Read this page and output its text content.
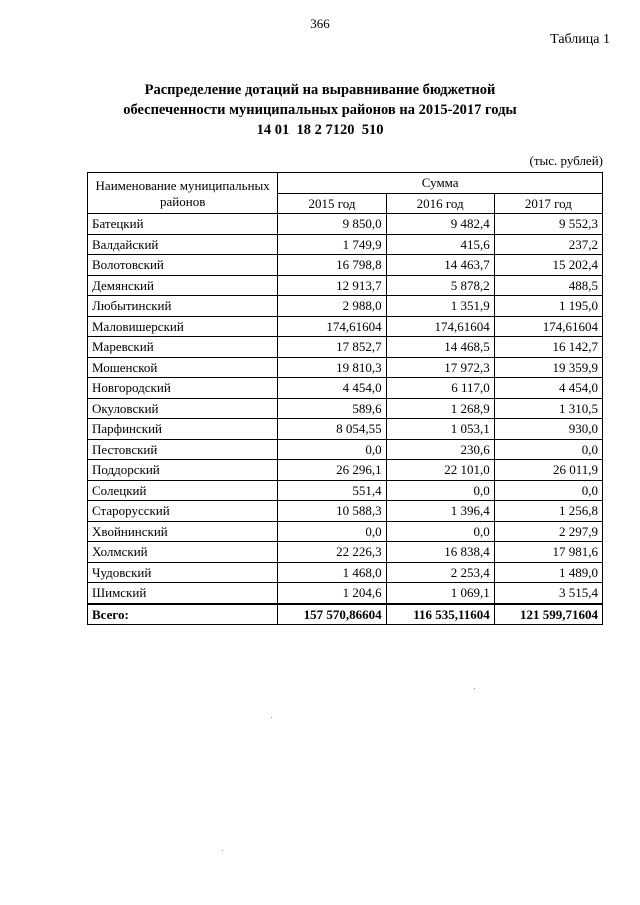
366
Таблица 1
Распределение дотаций на выравнивание бюджетной
обеспеченности муниципальных районов на 2015-2017 годы
14 01  18 2 7120  510
(тыс. рублей)
Наименование муниципальных районов	Сумма		
	2015 год	2016 год	2017 год
Батецкий	9 850,0	9 482,4	9 552,3
Валдайский	1 749,9	415,6	237,2
Волотовский	16 798,8	14 463,7	15 202,4
Демянский	12 913,7	5 878,2	488,5
Любытинский	2 988,0	1 351,9	1 195,0
Маловишерский	174,61604	174,61604	174,61604
Маревский	17 852,7	14 468,5	16 142,7
Мошенской	19 810,3	17 972,3	19 359,9
Новгородский	4 454,0	6 117,0	4 454,0
Окуловский	589,6	1 268,9	1 310,5
Парфинский	8 054,55	1 053,1	930,0
Пестовский	0,0	230,6	0,0
Поддорский	26 296,1	22 101,0	26 011,9
Солецкий	551,4	0,0	0,0
Старорусский	10 588,3	1 396,4	1 256,8
Хвойнинский	0,0	0,0	2 297,9
Холмский	22 226,3	16 838,4	17 981,6
Чудовский	1 468,0	2 253,4	1 489,0
Шимский	1 204,6	1 069,1	3 515,4
Всего:	157 570,86604	116 535,11604	121 599,71604
